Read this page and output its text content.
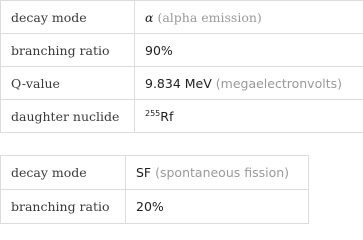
decay mode	α (alpha emission)
branching ratio	90%
Q-value	9.834 MeV (megaelectronvolts)
daughter nuclide	$^{255}$Rf
decay mode	SF (spontaneous fission)
branching ratio	20%
